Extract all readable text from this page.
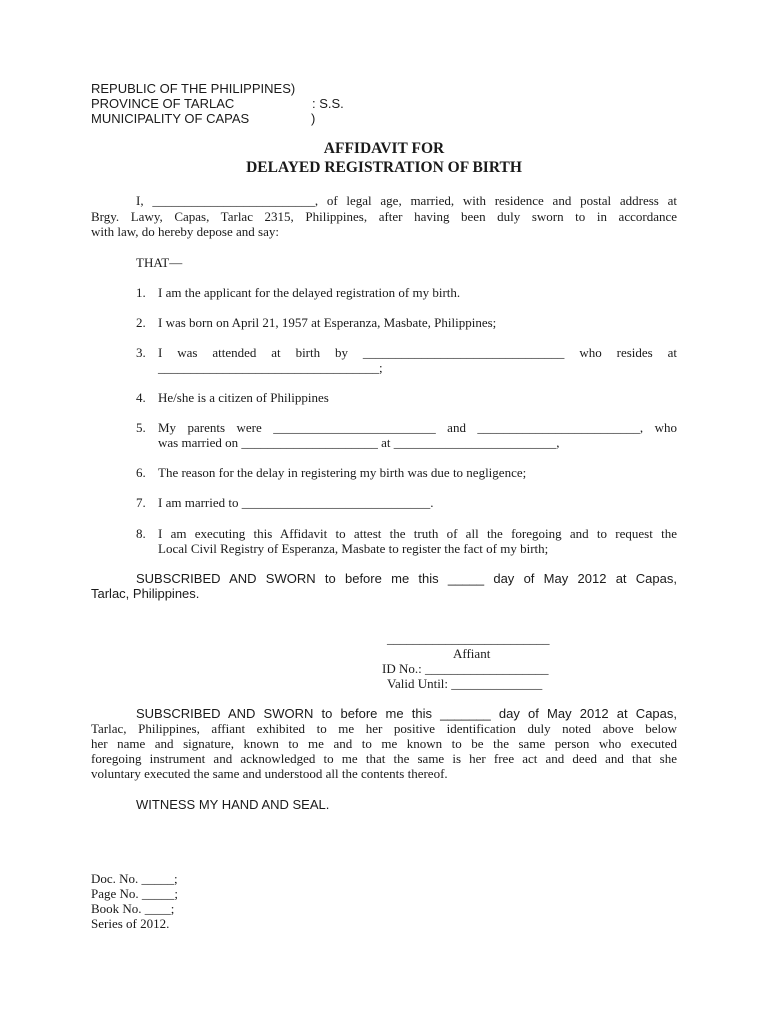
REPUBLIC OF THE PHILIPPINES)
PROVINCE OF TARLAC	: S.S.
MUNICIPALITY OF CAPAS	)
AFFIDAVIT FOR
DELAYED REGISTRATION OF BIRTH
I, _________________________, of legal age, married, with residence and postal address at
Brgy. Lawy, Capas, Tarlac 2315, Philippines, after having been duly sworn to in accordance
with law, do hereby depose and say:
THAT—
1. I am the applicant for the delayed registration of my birth.
2. I was born on April 21, 1957 at Esperanza, Masbate, Philippines;
3. I was attended at birth by _______________________________ who resides at
__________________________________;
4. He/she is a citizen of Philippines
5. My parents were _________________________ and _________________________, who
was married on _____________________ at _________________________,
6. The reason for the delay in registering my birth was due to negligence;
7. I am married to _____________________________.
8. I am executing this Affidavit to attest the truth of all the foregoing and to request the
Local Civil Registry of Esperanza, Masbate to register the fact of my birth;
SUBSCRIBED AND SWORN to before me this _____ day of May 2012 at Capas,
Tarlac, Philippines.
_________________________
Affiant
ID No.: ___________________
Valid Until: ______________
SUBSCRIBED AND SWORN to before me this _______ day of May 2012 at Capas,
Tarlac, Philippines, affiant exhibited to me her positive identification duly noted above below
her name and signature, known to me and to me known to be the same person who executed
foregoing instrument and acknowledged to me that the same is her free act and deed and that she
voluntary executed the same and understood all the contents thereof.
WITNESS MY HAND AND SEAL.
Doc. No. _____;
Page No. _____;
Book No. ____;
Series of 2012.
